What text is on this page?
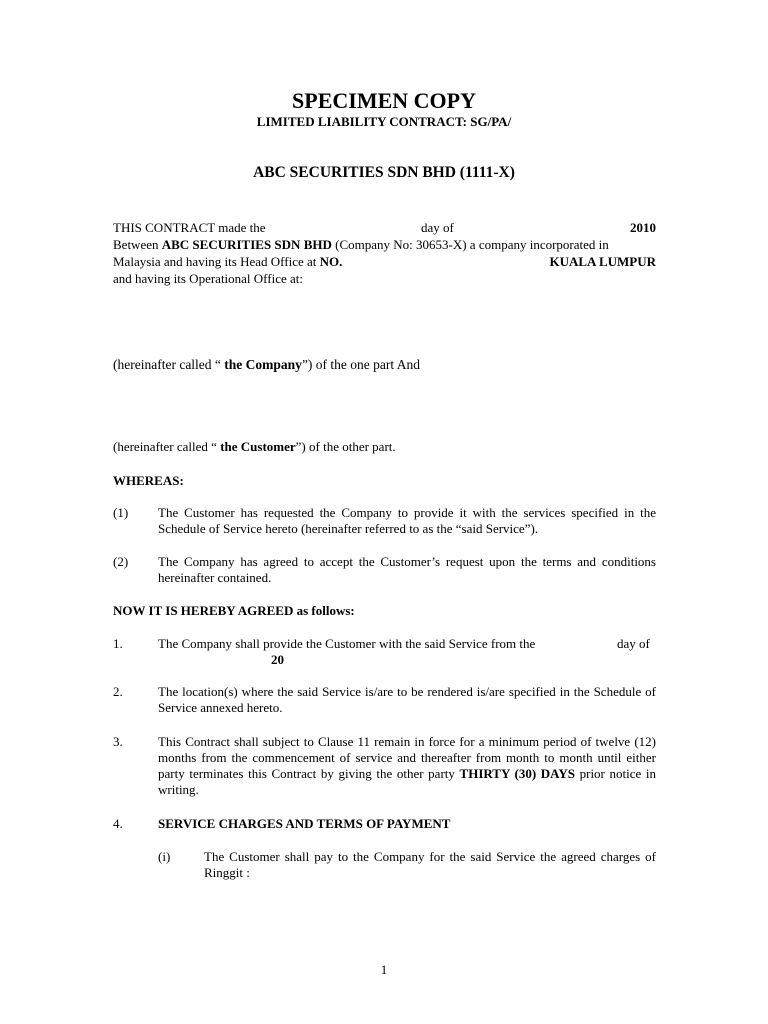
SPECIMEN COPY
LIMITED LIABILITY CONTRACT: SG/PA/
ABC SECURITIES SDN BHD (1111-X)
THIS CONTRACT made the	day of	2010
Between ABC SECURITIES SDN BHD (Company No: 30653-X) a company incorporated in
Malaysia and having its Head Office at NO.	KUALA LUMPUR
and having its Operational Office at:
(hereinafter called “ the Company”) of the one part And
(hereinafter called “ the Customer”) of the other part.
WHEREAS:
(1) The Customer has requested the Company to provide it with the services specified in the Schedule of Service hereto (hereinafter referred to as the “said Service”).
(2) The Company has agreed to accept the Customer’s request upon the terms and conditions hereinafter contained.
NOW IT IS HEREBY AGREED as follows:
1.	The Company shall provide the Customer with the said Service from the	day of
20
2.	The location(s) where the said Service is/are to be rendered is/are specified in the Schedule of Service annexed hereto.
3.	This Contract shall subject to Clause 11 remain in force for a minimum period of twelve (12) months from the commencement of service and thereafter from month to month until either party terminates this Contract by giving the other party THIRTY (30) DAYS prior notice in writing.
4.	SERVICE CHARGES AND TERMS OF PAYMENT
(i)	The Customer shall pay to the Company for the said Service the agreed charges of Ringgit :
1
